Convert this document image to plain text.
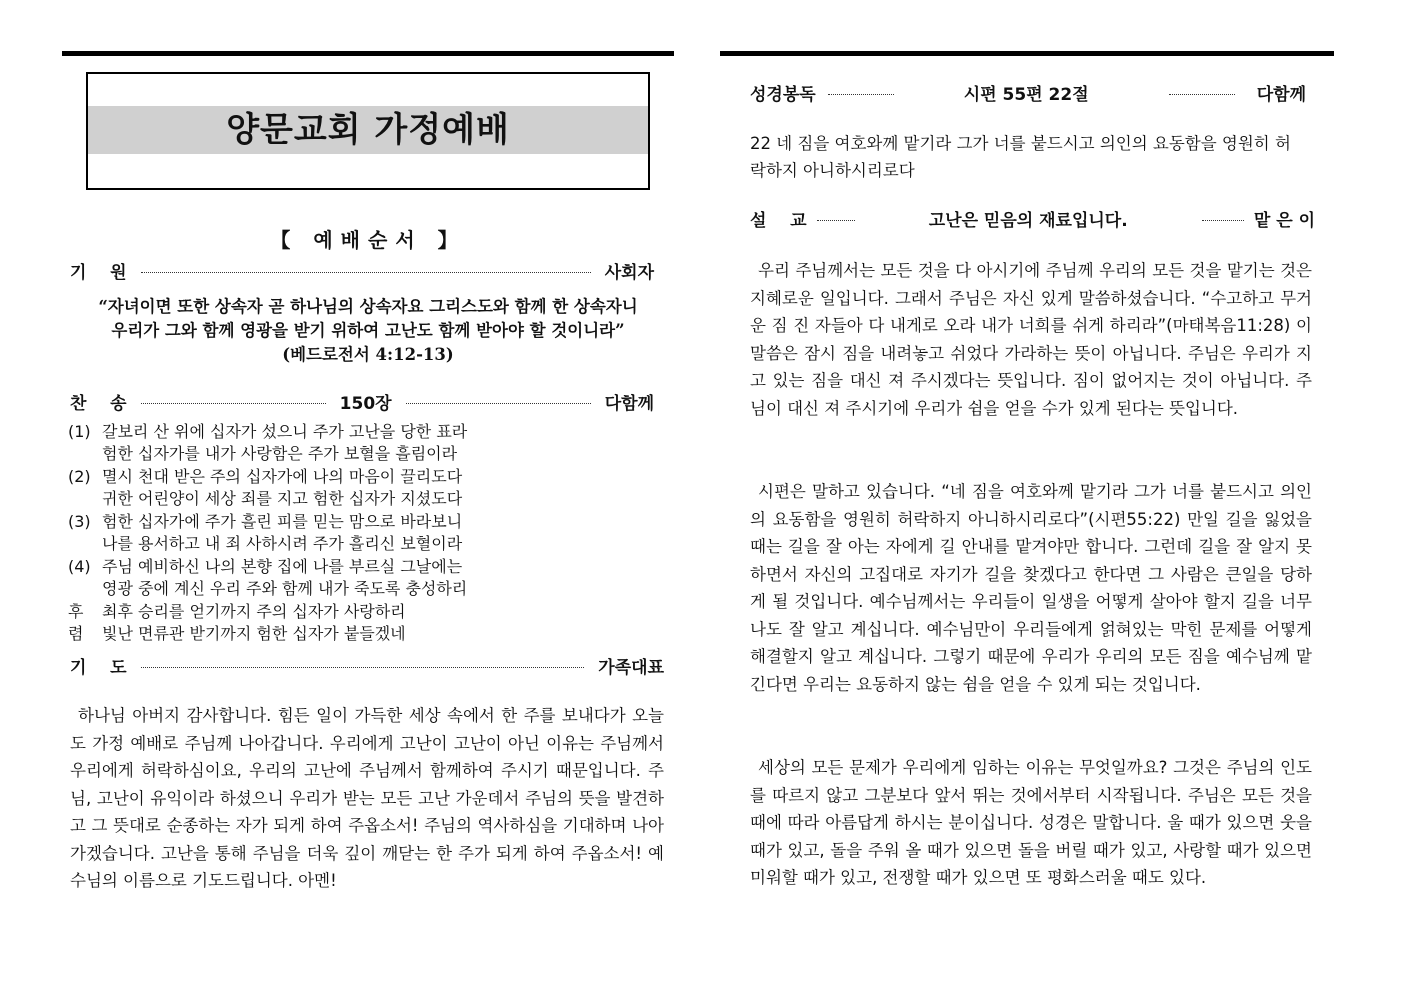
양문교회 가정예배
【 예배순서 】
기    원	사회자
“자녀이면 또한 상속자 곧 하나님의 상속자요 그리스도와 함께 한 상속자니
우리가 그와 함께 영광을 받기 위하여 고난도 함께 받아야 할 것이니라”
(베드로전서 4:12-13)
찬    송	150장	다함께
(1) 갈보리 산 위에 십자가 섰으니 주가 고난을 당한 표라
험한 십자가를 내가 사랑함은 주가 보혈을 흘림이라
(2) 멸시 천대 받은 주의 십자가에 나의 마음이 끌리도다
귀한 어린양이 세상 죄를 지고 험한 십자가 지셨도다
(3) 험한 십자가에 주가 흘린 피를 믿는 맘으로 바라보니
나를 용서하고 내 죄 사하시려 주가 흘리신 보혈이라
(4) 주님 예비하신 나의 본향 집에 나를 부르실 그날에는
영광 중에 계신 우리 주와 함께 내가 죽도록 충성하리
후	최후 승리를 얻기까지 주의 십자가 사랑하리
렴	빛난 면류관 받기까지 험한 십자가 붙들겠네
기    도	가족대표
하나님 아버지 감사합니다. 힘든 일이 가득한 세상 속에서 한 주를 보내다가 오늘도 가정 예배로 주님께 나아갑니다. 우리에게 고난이 고난이 아닌 이유는 주님께서 우리에게 허락하심이요, 우리의 고난에 주님께서 함께하여 주시기 때문입니다. 주님, 고난이 유익이라 하셨으니 우리가 받는 모든 고난 가운데서 주님의 뜻을 발견하고 그 뜻대로 순종하는 자가 되게 하여 주옵소서! 주님의 역사하심을 기대하며 나아가겠습니다. 고난을 통해 주님을 더욱 깊이 깨닫는 한 주가 되게 하여 주옵소서! 예수님의 이름으로 기도드립니다. 아멘!
성경봉독	시편 55편 22절	다함께
22 네 짐을 여호와께 맡기라 그가 너를 붙드시고 의인의 요동함을 영원히 허
락하지 아니하시리로다
설    교	고난은 믿음의 재료입니다.	맡 은 이
우리 주님께서는 모든 것을 다 아시기에 주님께 우리의 모든 것을 맡기는 것은 지혜로운 일입니다. 그래서 주님은 자신 있게 말씀하셨습니다. “수고하고 무거운 짐 진 자들아 다 내게로 오라 내가 너희를 쉬게 하리라”(마태복음11:28) 이 말씀은 잠시 짐을 내려놓고 쉬었다 가라하는 뜻이 아닙니다. 주님은 우리가 지고 있는 짐을 대신 져 주시겠다는 뜻입니다. 짐이 없어지는 것이 아닙니다. 주님이 대신 져 주시기에 우리가 쉼을 얻을 수가 있게 된다는 뜻입니다.
시편은 말하고 있습니다. “네 짐을 여호와께 맡기라 그가 너를 붙드시고 의인의 요동함을 영원히 허락하지 아니하시리로다”(시편55:22) 만일 길을 잃었을 때는 길을 잘 아는 자에게 길 안내를 맡겨야만 합니다. 그런데 길을 잘 알지 못하면서 자신의 고집대로 자기가 길을 찾겠다고 한다면 그 사람은 큰일을 당하게 될 것입니다. 예수님께서는 우리들이 일생을 어떻게 살아야 할지 길을 너무나도 잘 알고 계십니다. 예수님만이 우리들에게 얽혀있는 막힌 문제를 어떻게 해결할지 알고 계십니다. 그렇기 때문에 우리가 우리의 모든 짐을 예수님께 맡긴다면 우리는 요동하지 않는 쉼을 얻을 수 있게 되는 것입니다.
세상의 모든 문제가 우리에게 임하는 이유는 무엇일까요? 그것은 주님의 인도를 따르지 않고 그분보다 앞서 뛰는 것에서부터 시작됩니다. 주님은 모든 것을 때에 따라 아름답게 하시는 분이십니다. 성경은 말합니다. 울 때가 있으면 웃을 때가 있고, 돌을 주워 올 때가 있으면 돌을 버릴 때가 있고, 사랑할 때가 있으면 미워할 때가 있고, 전쟁할 때가 있으면 또 평화스러울 때도 있다.
